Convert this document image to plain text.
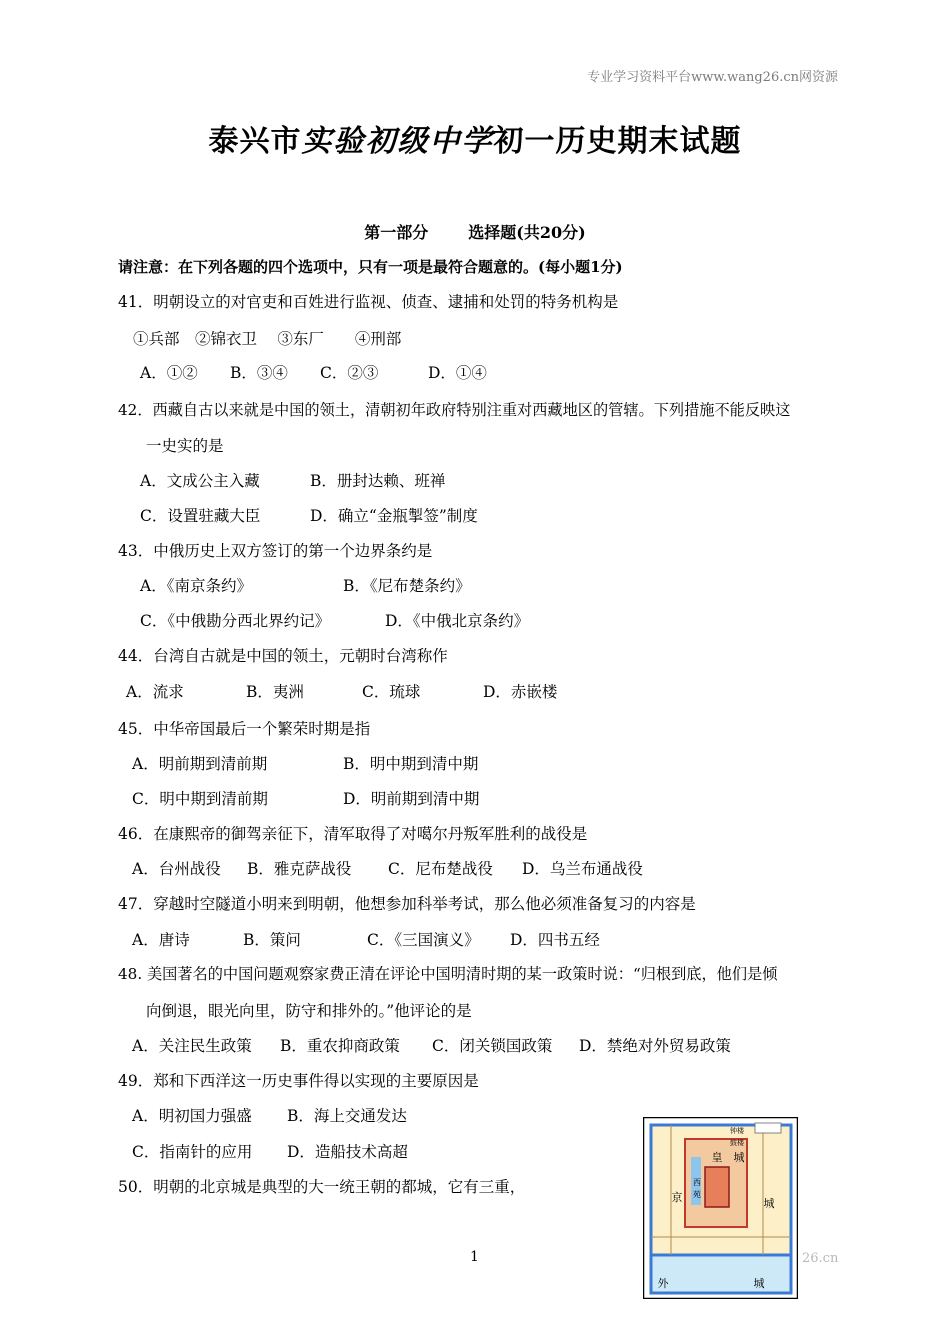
专业学习资料平台www.wang26.cn网资源
泰兴市实验初级中学初一历史期末试题
第一部分	选择题(共20分)
请注意：在下列各题的四个选项中，只有一项是最符合题意的。(每小题1分)
41．明朝设立的对官吏和百姓进行监视、侦查、逮捕和处罚的特务机构是
①兵部　②锦衣卫　 ③东厂　　④刑部
A．①② B．③④ C．②③	D．①④
42．西藏自古以来就是中国的领土，清朝初年政府特别注重对西藏地区的管辖。下列措施不能反映这
一史实的是
A．文成公主入藏	B．册封达赖、班禅
C．设置驻藏大臣	D．确立“金瓶掣签”制度
43．中俄历史上双方签订的第一个边界条约是
A．《南京条约》	B．《尼布楚条约》
C．《中俄勘分西北界约记》	D．《中俄北京条约》
44．台湾自古就是中国的领土，元朝时台湾称作
A．流求	B．夷洲	C．琉球	D．赤嵌楼
45．中华帝国最后一个繁荣时期是指
A．明前期到清前期	B．明中期到清中期
C．明中期到清前期	D．明前期到清中期
46．在康熙帝的御驾亲征下，清军取得了对噶尔丹叛军胜利的战役是
A．台州战役 B．雅克萨战役 C．尼布楚战役 D．乌兰布通战役
47．穿越时空隧道小明来到明朝，他想参加科举考试，那么他必须准备复习的内容是
A．唐诗	B．策问	C．《三国演义》 D．四书五经
48. 美国著名的中国问题观察家费正清在评论中国明清时期的某一政策时说：“归根到底，他们是倾
向倒退，眼光向里，防守和排外的。”他评论的是
A．关注民生政策 B．重农抑商政策 C．闭关锁国政策 D．禁绝对外贸易政策
49．郑和下西洋这一历史事件得以实现的主要原因是
A．明初国力强盛 B．海上交通发达
C．指南针的应用 D．造船技术高超
50．明朝的北京城是典型的大一统王朝的都城，它有三重，
1	26.cn
皇 城
京	城
西
苑
钟楼
鼓楼
外	城
